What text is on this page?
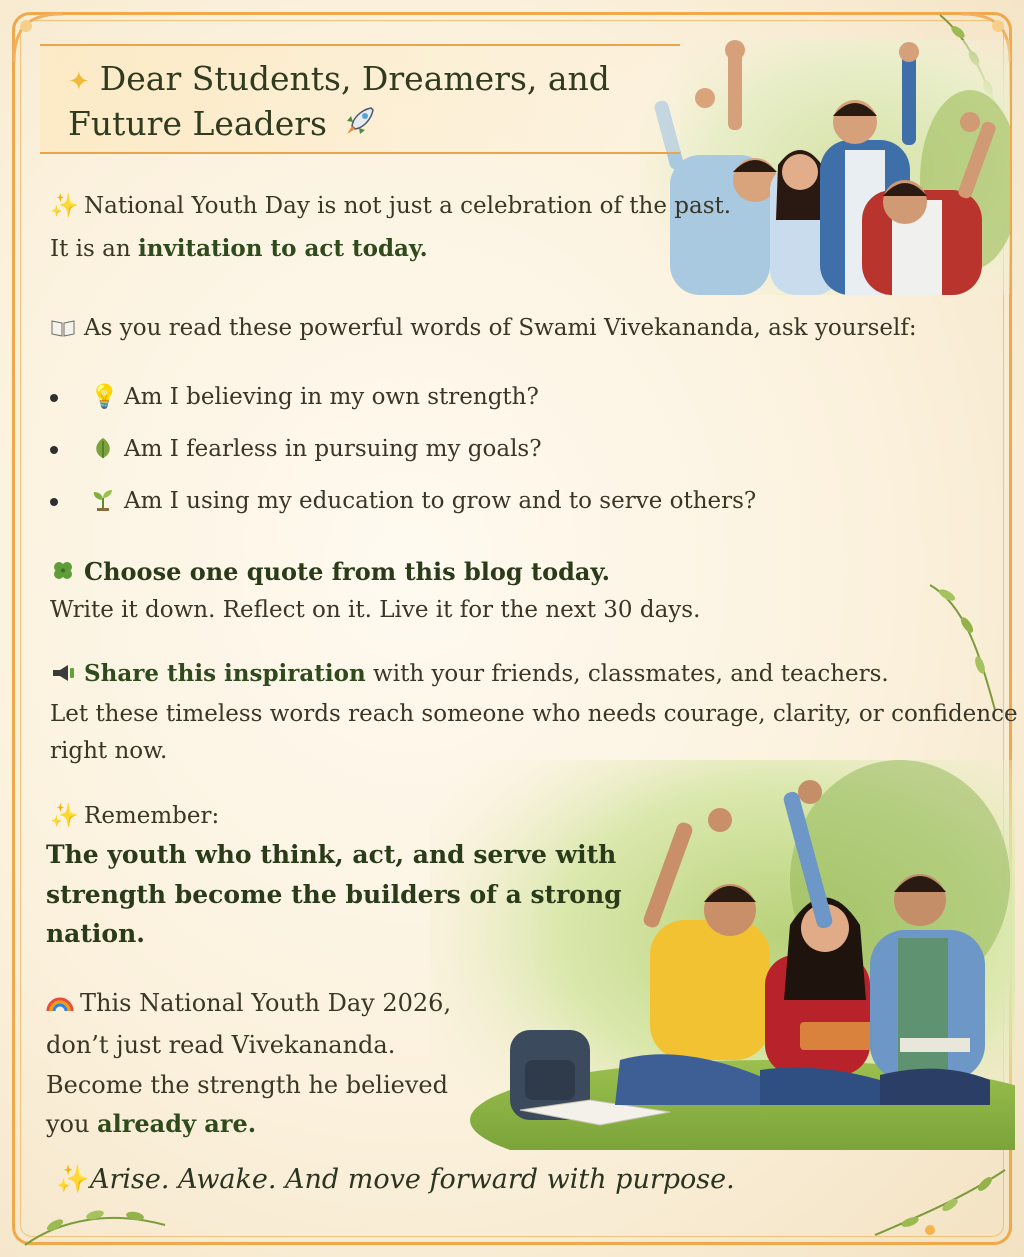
✦ Dear Students, Dreamers, and
Future Leaders
✨ National Youth Day is not just a celebration of the past.
It is an invitation to act today.
As you read these powerful words of Swami Vivekananda, ask yourself:
💡 Am I believing in my own strength?
Am I fearless in pursuing my goals?
Am I using my education to grow and to serve others?
Choose one quote from this blog today.
Write it down. Reflect on it. Live it for the next 30 days.
Share this inspiration with your friends, classmates, and teachers.
Let these timeless words reach someone who needs courage, clarity, or confidence
right now.
✨ Remember:
The youth who think, act, and serve with
strength become the builders of a strong
nation.
This National Youth Day 2026,
don’t just read Vivekananda.
Become the strength he believed
you already are.
✨Arise. Awake. And move forward with purpose.
